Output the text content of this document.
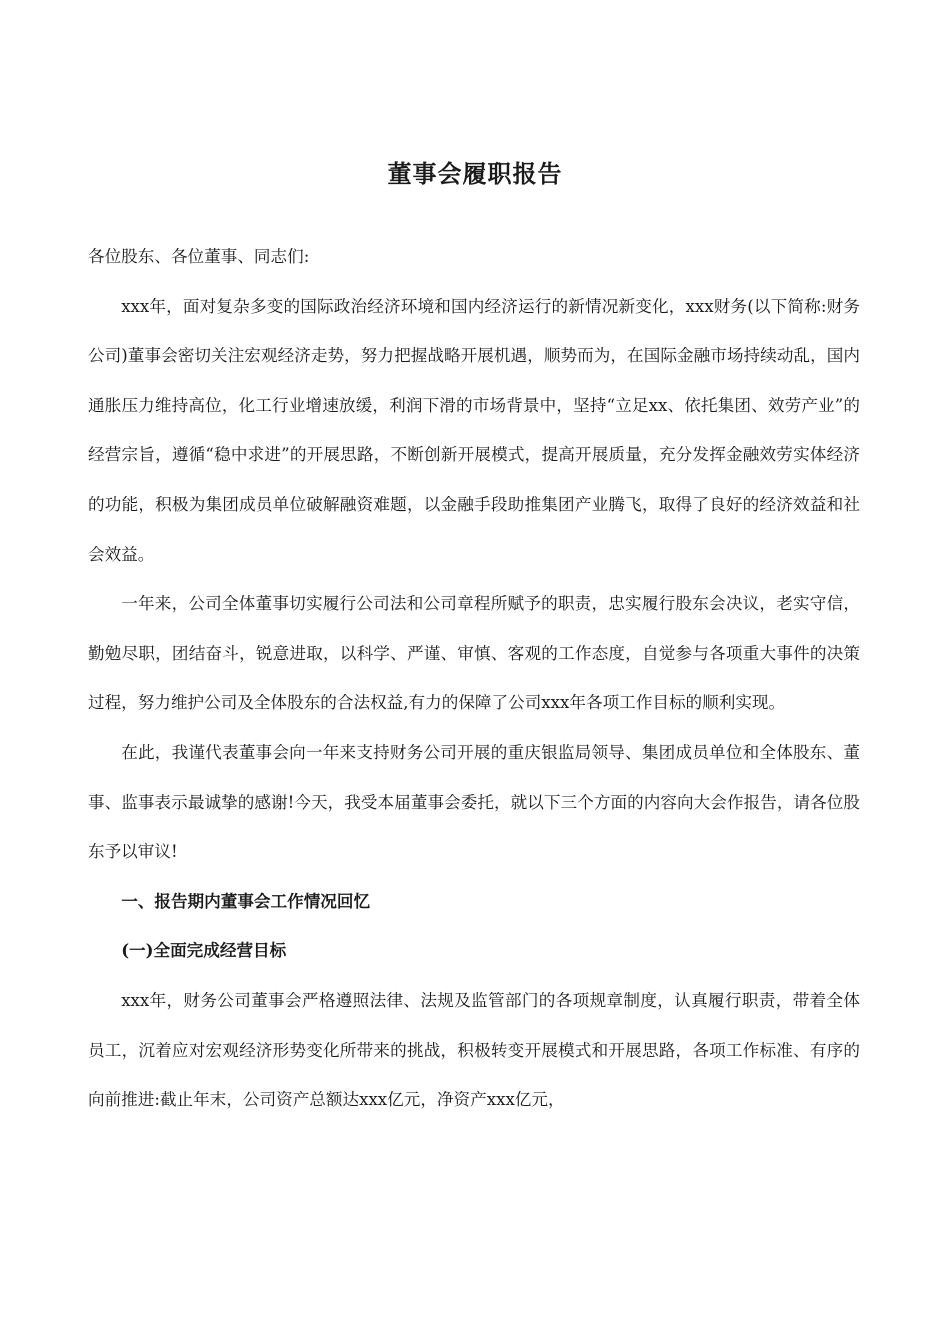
董事会履职报告

各位股东、各位董事、同志们:

xxx年，面对复杂多变的国际政治经济环境和国内经济运行的新情况新变化，xxx财务(以下简称:财务公司)董事会密切关注宏观经济走势，努力把握战略开展机遇，顺势而为，在国际金融市场持续动乱，国内通胀压力维持高位，化工行业增速放缓，利润下滑的市场背景中，坚持“立足xx、依托集团、效劳产业”的经营宗旨，遵循“稳中求进”的开展思路，不断创新开展模式，提高开展质量，充分发挥金融效劳实体经济的功能，积极为集团成员单位破解融资难题，以金融手段助推集团产业腾飞，取得了良好的经济效益和社会效益。

一年来，公司全体董事切实履行公司法和公司章程所赋予的职责，忠实履行股东会决议，老实守信，勤勉尽职，团结奋斗，锐意进取，以科学、严谨、审慎、客观的工作态度，自觉参与各项重大事件的决策过程，努力维护公司及全体股东的合法权益,有力的保障了公司xxx年各项工作目标的顺利实现。

在此，我谨代表董事会向一年来支持财务公司开展的重庆银监局领导、集团成员单位和全体股东、董事、监事表示最诚挚的感谢!今天，我受本届董事会委托，就以下三个方面的内容向大会作报告，请各位股东予以审议!

一、报告期内董事会工作情况回忆

(一)全面完成经营目标

xxx年，财务公司董事会严格遵照法律、法规及监管部门的各项规章制度，认真履行职责，带着全体员工，沉着应对宏观经济形势变化所带来的挑战，积极转变开展模式和开展思路，各项工作标准、有序的向前推进:截止年末，公司资产总额达xxx亿元，净资产xxx亿元，
